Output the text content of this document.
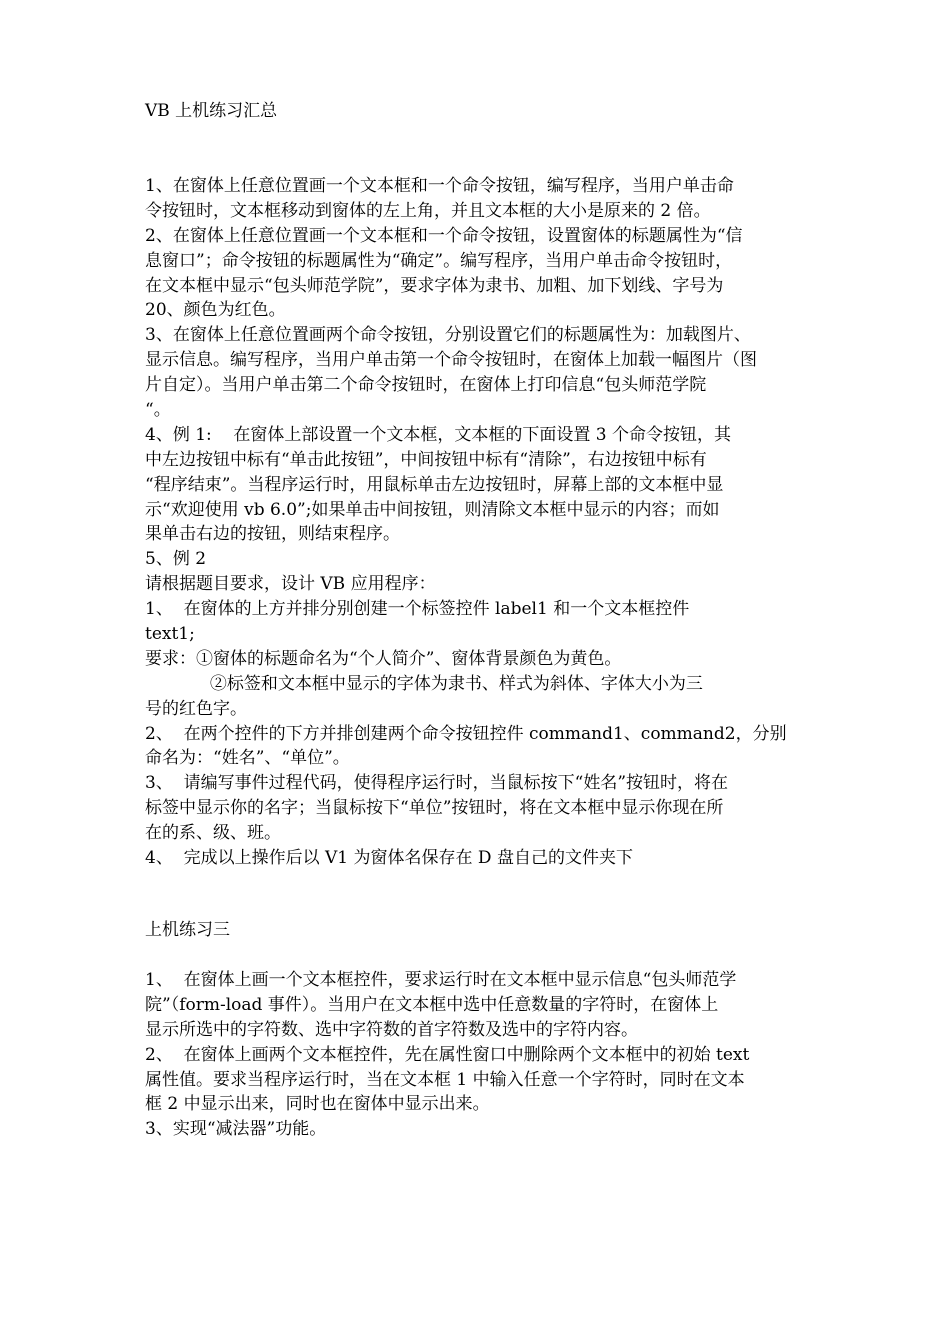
VB 上机练习汇总
1、在窗体上任意位置画一个文本框和一个命令按钮，编写程序，当用户单击命
令按钮时，文本框移动到窗体的左上角，并且文本框的大小是原来的 2 倍。
2、在窗体上任意位置画一个文本框和一个命令按钮，设置窗体的标题属性为“信
息窗口”；命令按钮的标题属性为“确定”。编写程序，当用户单击命令按钮时，
在文本框中显示“包头师范学院”，要求字体为隶书、加粗、加下划线、字号为
20、颜色为红色。
3、在窗体上任意位置画两个命令按钮，分别设置它们的标题属性为：加载图片、
显示信息。编写程序，当用户单击第一个命令按钮时，在窗体上加载一幅图片（图
片自定）。当用户单击第二个命令按钮时，在窗体上打印信息“包头师范学院
“。
4、例 1:    在窗体上部设置一个文本框，文本框的下面设置 3 个命令按钮，其
中左边按钮中标有“单击此按钮”，中间按钮中标有“清除”，右边按钮中标有
“程序结束”。当程序运行时，用鼠标单击左边按钮时，屏幕上部的文本框中显
示“欢迎使用 vb 6.0”;如果单击中间按钮，则清除文本框中显示的内容；而如
果单击右边的按钮，则结束程序。
5、例 2
请根据题目要求，设计 VB 应用程序：
1、  在窗体的上方并排分别创建一个标签控件 label1 和一个文本框控件
text1;
要求：①窗体的标题命名为“个人简介”、窗体背景颜色为黄色。
②标签和文本框中显示的字体为隶书、样式为斜体、字体大小为三
号的红色字。
2、  在两个控件的下方并排创建两个命令按钮控件 command1、command2，分别
命名为：“姓名”、“单位”。
3、  请编写事件过程代码，使得程序运行时，当鼠标按下“姓名”按钮时，将在
标签中显示你的名字；当鼠标按下“单位”按钮时，将在文本框中显示你现在所
在的系、级、班。
4、  完成以上操作后以 V1 为窗体名保存在 D 盘自己的文件夹下
上机练习三
1、  在窗体上画一个文本框控件，要求运行时在文本框中显示信息“包头师范学
院”（form-load 事件）。当用户在文本框中选中任意数量的字符时，在窗体上
显示所选中的字符数、选中字符数的首字符数及选中的字符内容。
2、  在窗体上画两个文本框控件，先在属性窗口中删除两个文本框中的初始 text
属性值。要求当程序运行时，当在文本框 1 中输入任意一个字符时，同时在文本
框 2 中显示出来，同时也在窗体中显示出来。
3、实现“减法器”功能。
